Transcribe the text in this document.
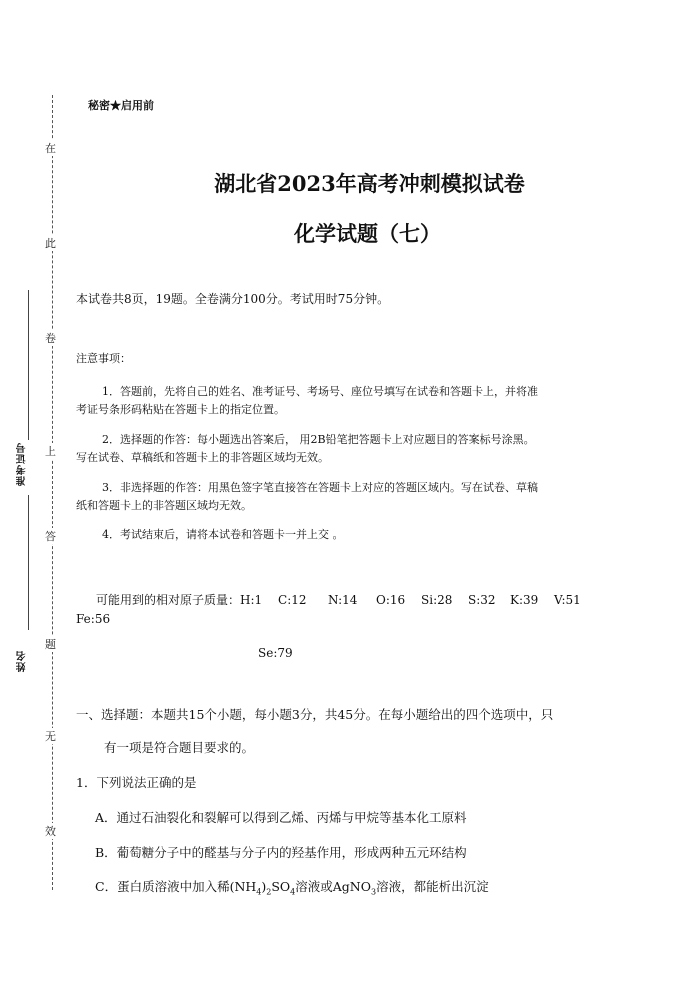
在
此
卷
上
答
题
无
效
准考证号
姓名
秘密★启用前
湖北省2023年高考冲刺模拟试卷
化学试题（七）
本试卷共8页，19题。全卷满分100分。考试用时75分钟。
注意事项：
1．答题前，先将自己的姓名、准考证号、考场号、座位号填写在试卷和答题卡上，并将准
考证号条形码粘贴在答题卡上的指定位置。
2．选择题的作答：每小题选出答案后， 用2B铅笔把答题卡上对应题目的答案标号涂黑。
写在试卷、草稿纸和答题卡上的非答题区域均无效。
3．非选择题的作答：用黑色签字笔直接答在答题卡上对应的答题区域内。写在试卷、草稿
纸和答题卡上的非答题区域均无效。
4．考试结束后，请将本试卷和答题卡一并上交 。
可能用到的相对原子质量：H:1 C:12 N:14 O:16 Si:28 S:32 K:39 V:51
Fe:56
Se:79
一、选择题：本题共15个小题，每小题3分，共45分。在每小题给出的四个选项中，只
有一项是符合题目要求的。
1．下列说法正确的是
A．通过石油裂化和裂解可以得到乙烯、丙烯与甲烷等基本化工原料
B．葡萄糖分子中的醛基与分子内的羟基作用，形成两种五元环结构
C．蛋白质溶液中加入稀$(NH_4)_2SO_4$溶液或AgNO$_3$溶液，都能析出沉淀
